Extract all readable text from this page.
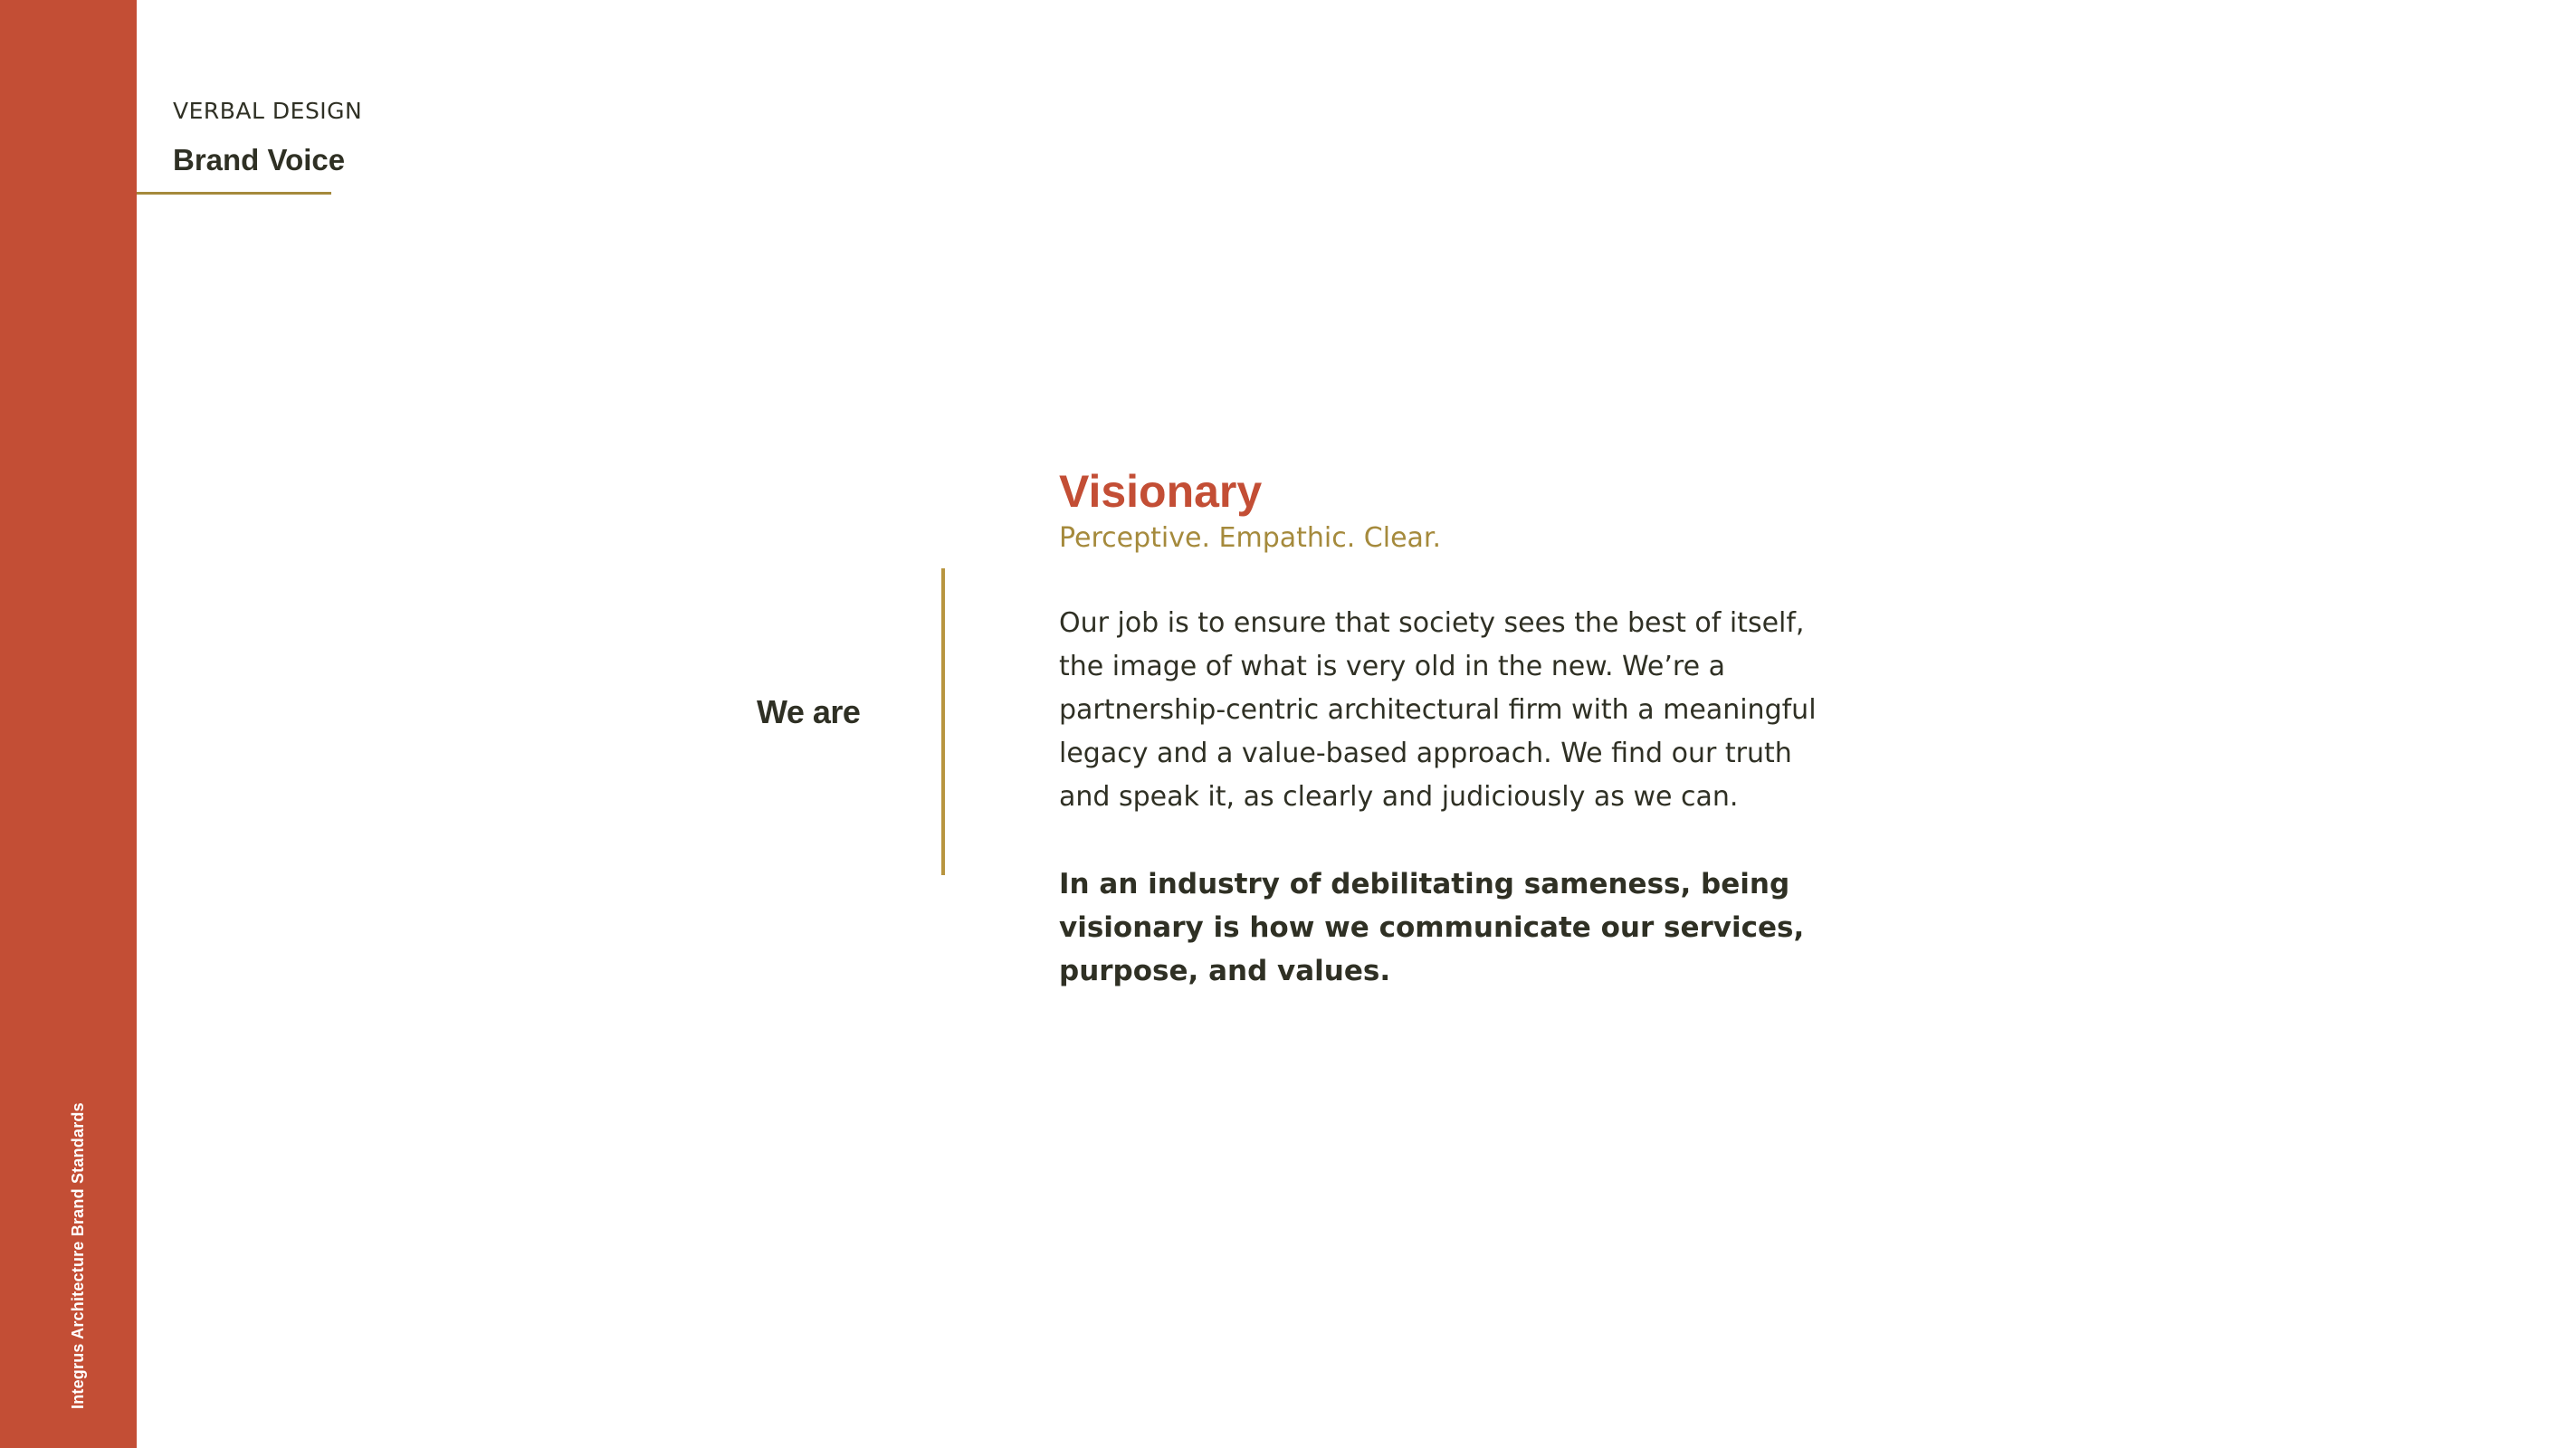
Integrus Architecture Brand Standards
VERBAL DESIGN
Brand Voice
We are
Visionary

Perceptive. Empathic. Clear.

Our job is to ensure that society sees the best of itself, the image of what is very old in the new. We’re a partnership-centric architectural firm with a meaningful legacy and a value-based approach. We find our truth and speak it, as clearly and judiciously as we can.

In an industry of debilitating sameness, being visionary is how we communicate our services, purpose, and values.
